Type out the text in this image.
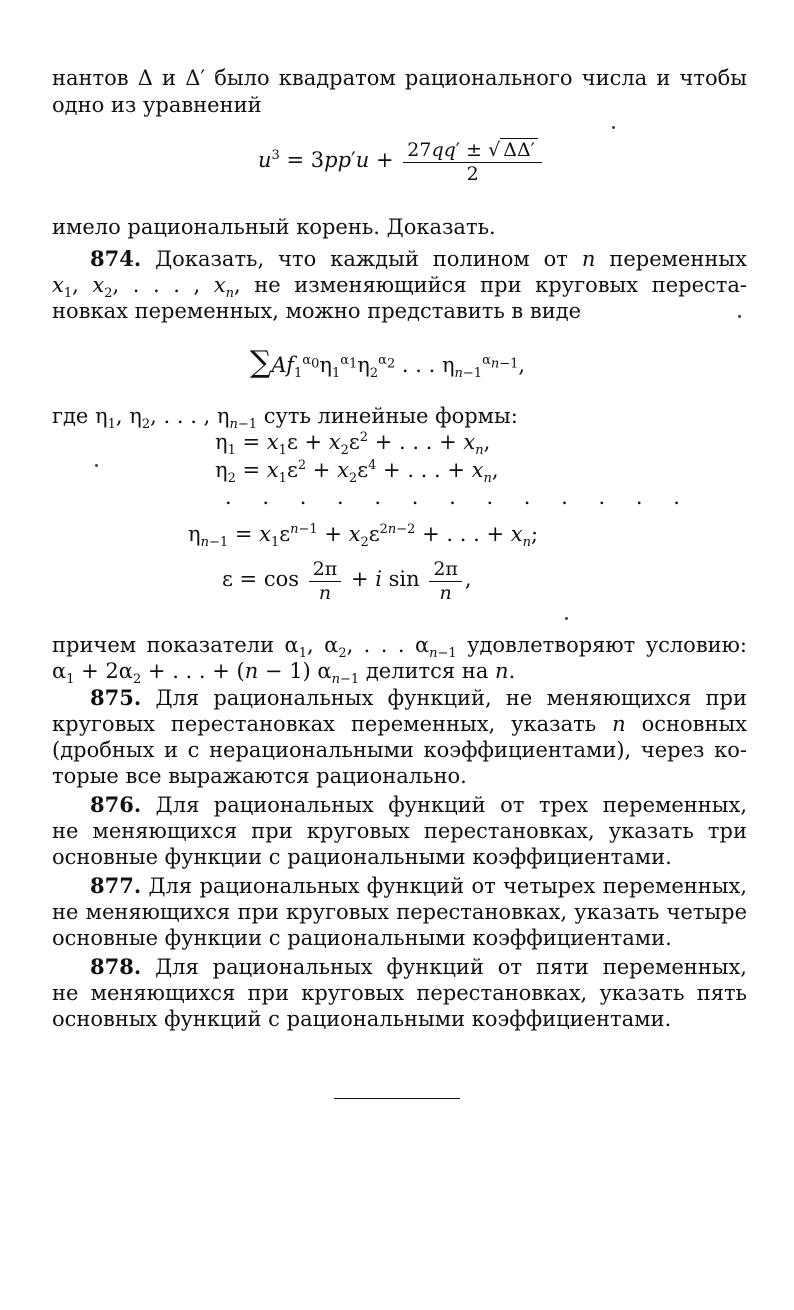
нантов Δ и Δ′ было квадратом рационального числа и чтобы
одно из уравнений
$u^3 = 3pp'u + \frac{27qq' \pm √ \Delta\Delta'}{2}$
имело рациональный корень. Доказать.
874. Доказать, что каждый полином от n переменных
$x_1$, $x_2$, . . . , $x_n$, не изменяющийся при круговых переста-
новках переменных, можно представить в виде
$\sum Af_1^{\alpha_0}\eta_1^{\alpha_1}\eta_2^{\alpha_2}$ . . . $\eta_{n-1}^{\alpha_{n-1}}$,
где $\eta_1$, $\eta_2$, . . . , $\eta_{n-1}$ суть линейные формы:
$\eta_1 = x_1\varepsilon + x_2\varepsilon^2$ + . . . + $x_n$,
$\eta_2 = x_1\varepsilon^2 + x_2\varepsilon^4$ + . . . + $x_n$,
. . . . . . . . . . . . .
$\eta_{n-1} = x_1\varepsilon^{n-1} + x_2\varepsilon^{2n-2}$ + . . . + $x_n$;
$\varepsilon = \cos \frac{2\pi}{n} + i$ $\sin \frac{2\pi}{n}$ ,
причем показатели $\alpha_1$, $\alpha_2$, . . . $\alpha_{n-1}$ удовлетворяют условию:
$\alpha_1 + 2\alpha_2$ + . . . + (n − 1) $\alpha_{n-1}$ делится на n.
875. Для рациональных функций, не меняющихся при
круговых перестановках переменных, указать n основных
(дробных и с нерациональными коэффициентами), через ко-
торые все выражаются рационально.
876. Для рациональных функций от трех переменных,
не меняющихся при круговых перестановках, указать три
основные функции с рациональными коэффициентами.
877. Для рациональных функций от четырех переменных,
не меняющихся при круговых перестановках, указать четыре
основные функции с рациональными коэффициентами.
878. Для рациональных функций от пяти переменных,
не меняющихся при круговых перестановках, указать пять
основных функций с рациональными коэффициентами.
